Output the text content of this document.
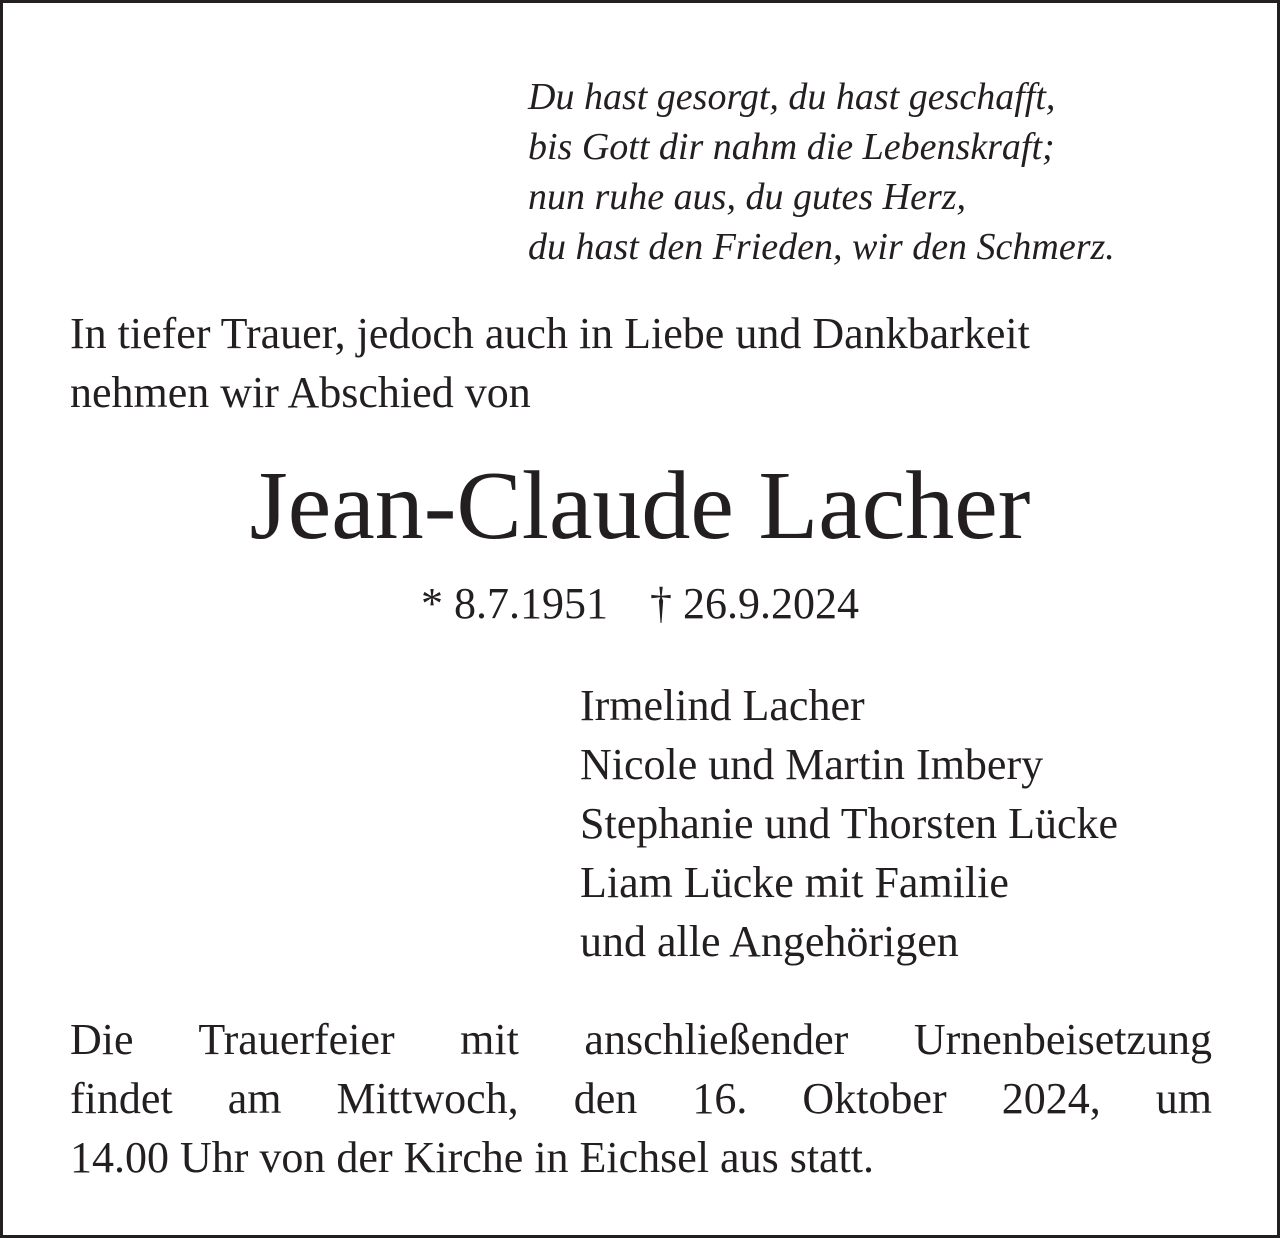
Du hast gesorgt, du hast geschafft,
bis Gott dir nahm die Lebenskraft;
nun ruhe aus, du gutes Herz,
du hast den Frieden, wir den Schmerz.
In tiefer Trauer, jedoch auch in Liebe und Dankbarkeit
nehmen wir Abschied von
Jean-Claude Lacher
* 8.7.1951 † 26.9.2024
Irmelind Lacher
Nicole und Martin Imbery
Stephanie und Thorsten Lücke
Liam Lücke mit Familie
und alle Angehörigen
Die Trauerfeier mit anschließender Urnenbeisetzung
findet am Mittwoch, den 16. Oktober 2024, um
14.00 Uhr von der Kirche in Eichsel aus statt.
